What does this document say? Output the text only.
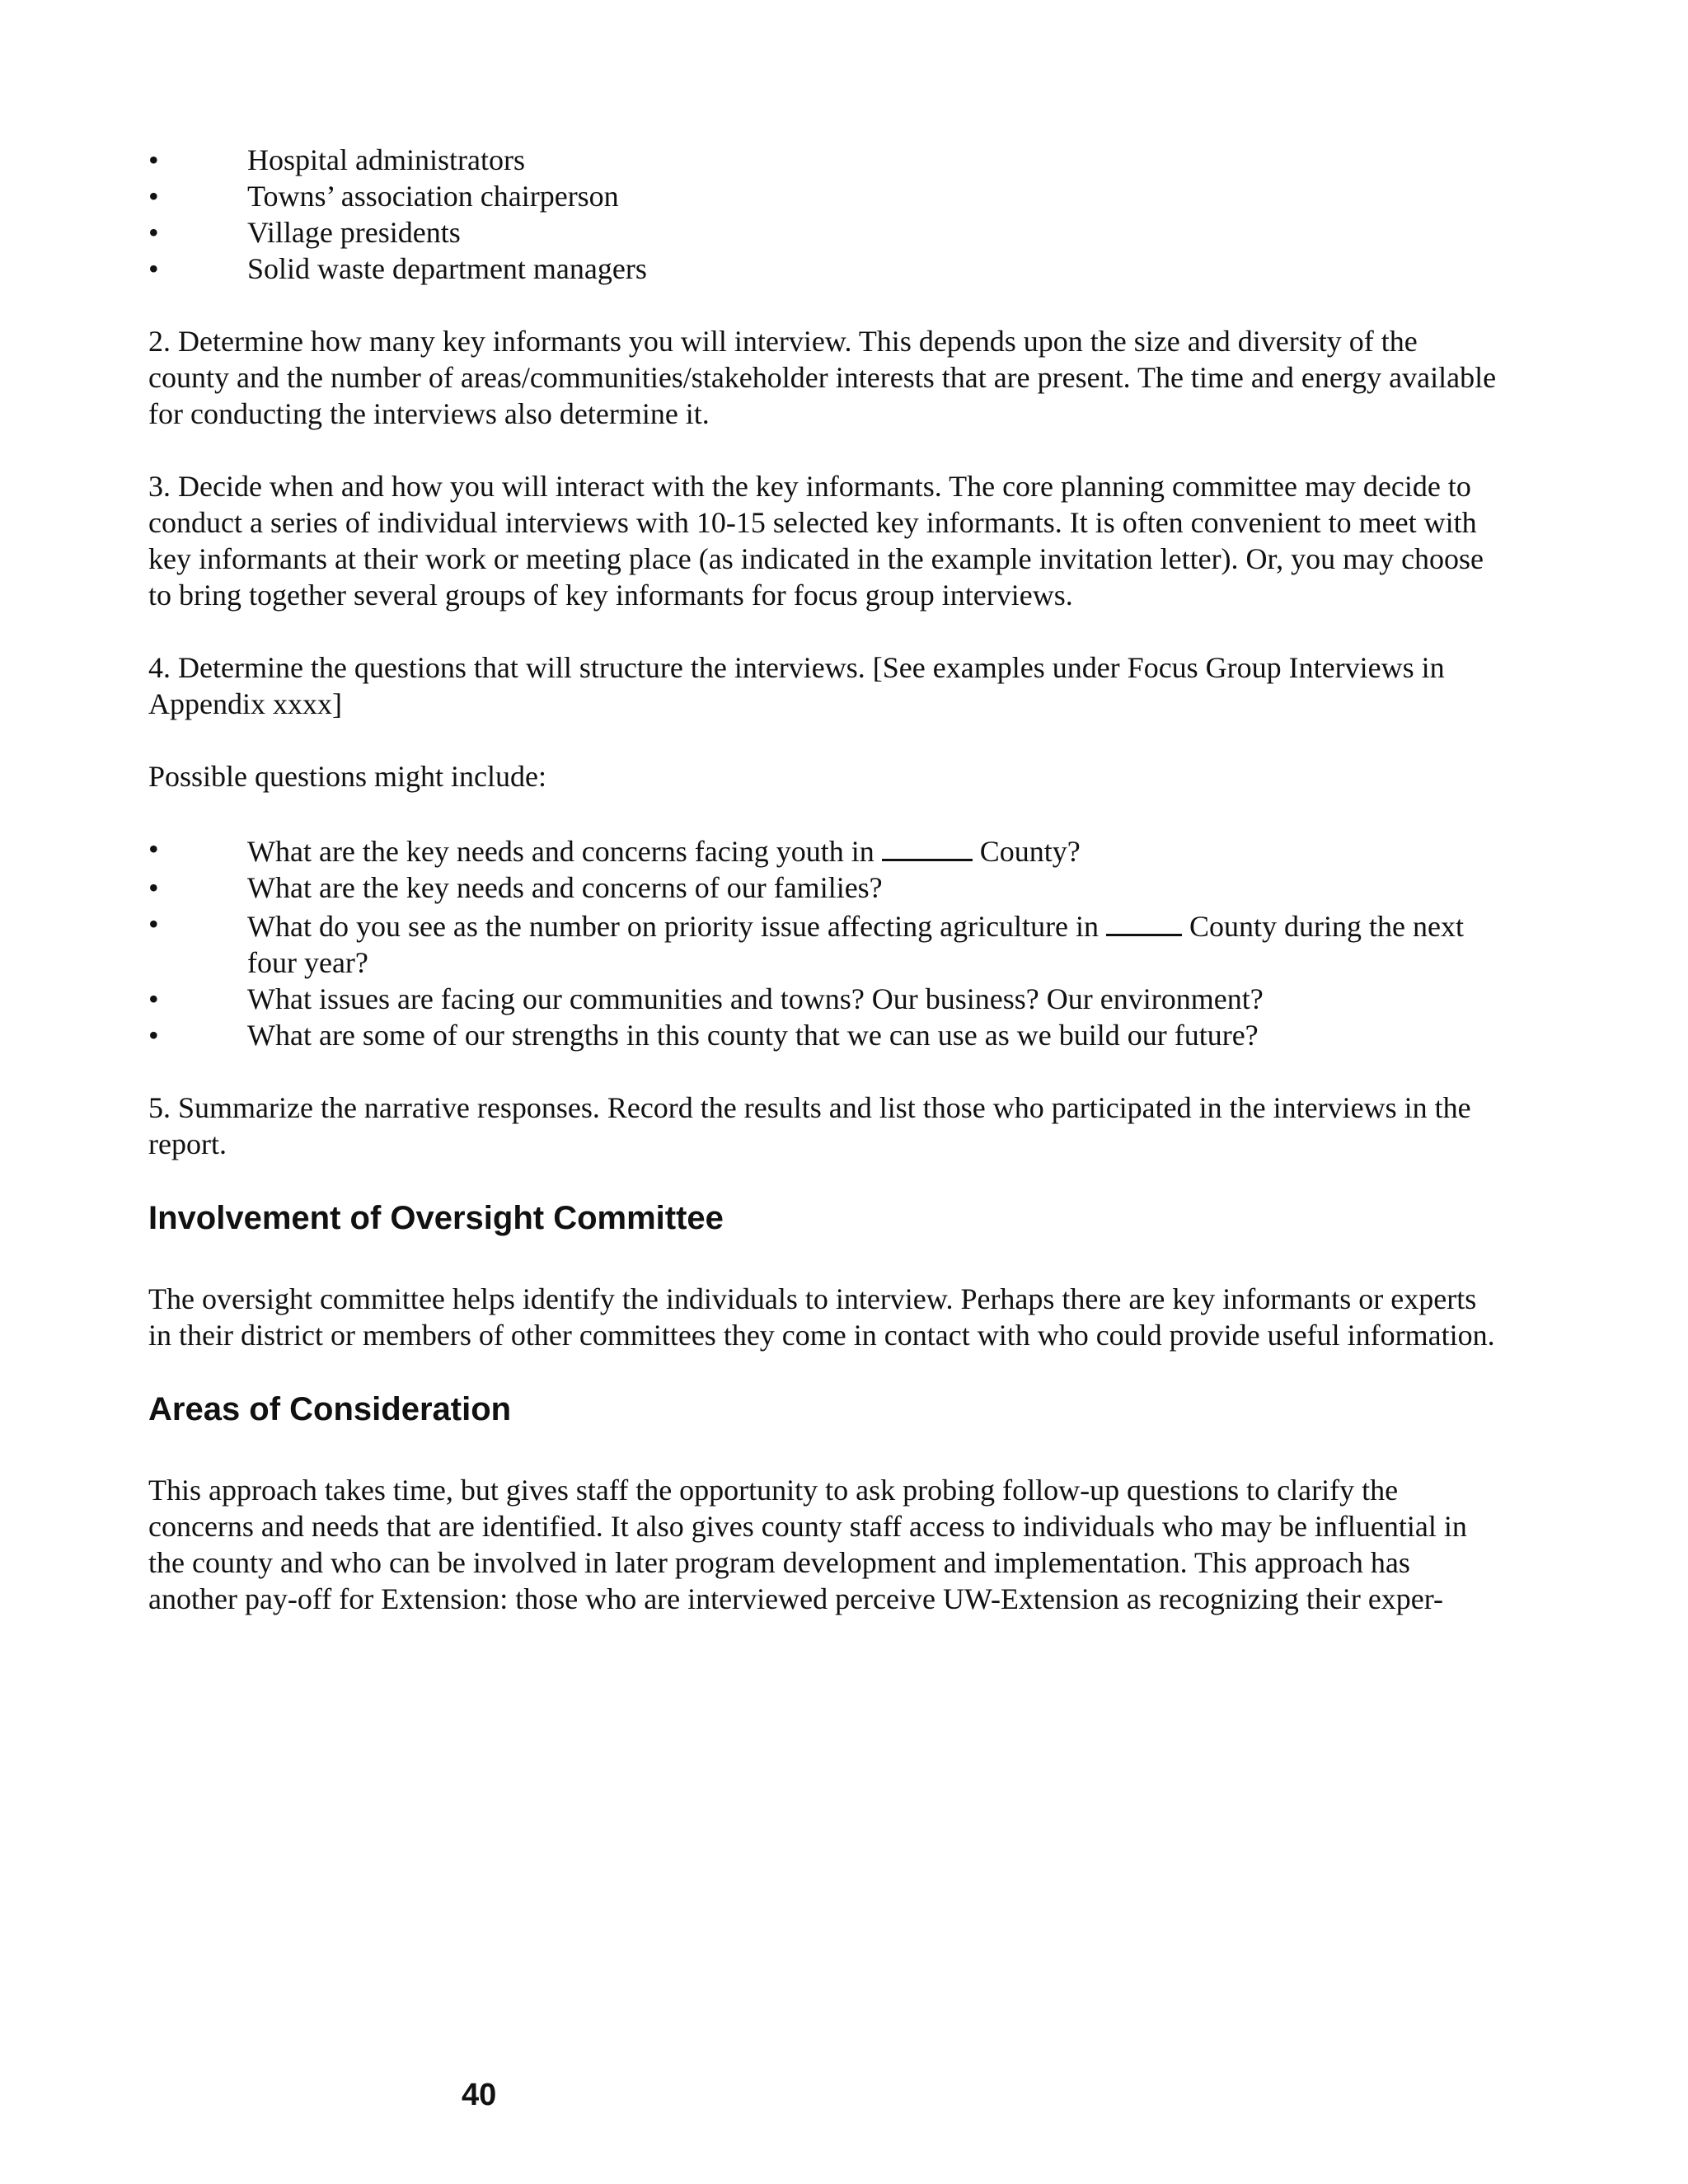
•	Hospital administrators
•	Towns’ association chairperson
•	Village presidents
•	Solid waste department managers

2. Determine how many key informants you will interview. This depends upon the size and diversity of the county and the number of areas/communities/stakeholder interests that are present. The time and energy available for conducting the interviews also determine it.

3. Decide when and how you will interact with the key informants. The core planning committee may decide to conduct a series of individual interviews with 10-15 selected key informants. It is often convenient to meet with key informants at their work or meeting place (as indicated in the example invitation letter). Or, you may choose to bring together several groups of key informants for focus group interviews.

4. Determine the questions that will structure the interviews. [See examples under Focus Group Interviews in Appendix xxxx]

Possible questions might include:

•	What are the key needs and concerns facing youth in	County?
•	What are the key needs and concerns of our families?
•	What do you see as the number on priority issue affecting agriculture in	County during the next four year?
•	What issues are facing our communities and towns? Our business? Our environment?
•	What are some of our strengths in this county that we can use as we build our future?

5. Summarize the narrative responses. Record the results and list those who participated in the interviews in the report.

Involvement of Oversight Committee

The oversight committee helps identify the individuals to interview. Perhaps there are key informants or experts in their district or members of other committees they come in contact with who could provide useful information.

Areas of Consideration

This approach takes time, but gives staff the opportunity to ask probing follow-up questions to clarify the concerns and needs that are identified. It also gives county staff access to individuals who may be influential in the county and who can be involved in later program development and implementation. This approach has another pay-off for Extension: those who are interviewed perceive UW-Extension as recognizing their exper-

40
